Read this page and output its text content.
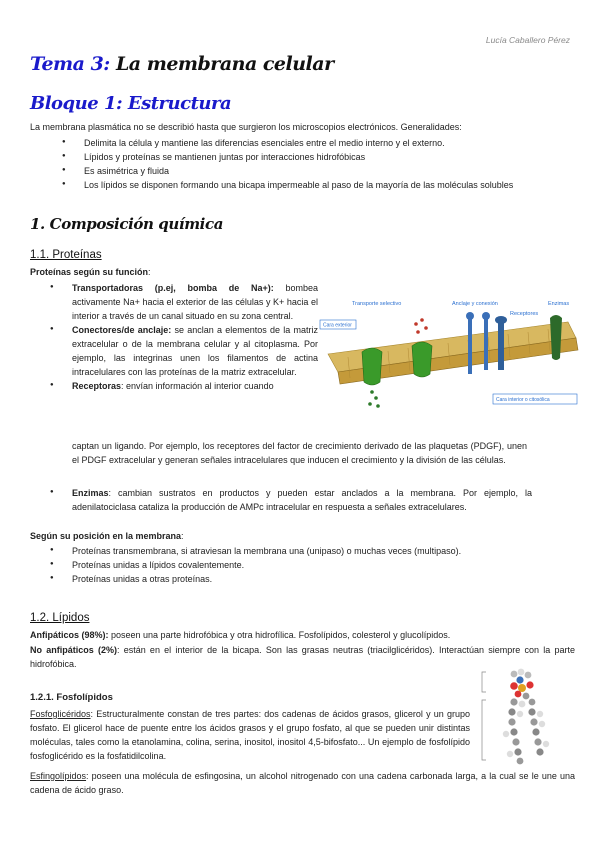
Lucía Caballero Pérez
Tema 3: La membrana celular
Bloque 1: Estructura
La membrana plasmática no se describió hasta que surgieron los microscopios electrónicos. Generalidades:
● Delimita la célula y mantiene las diferencias esenciales entre el medio interno y el externo.
● Lípidos y proteínas se mantienen juntas por interacciones hidrofóbicas
● Es asimétrica y fluida
● Los lípidos se disponen formando una bicapa impermeable al paso de la mayoría de las moléculas solubles
1. Composición química
1.1. Proteínas
Proteínas según su función:
● Transportadoras (p.ej, bomba de Na+): bombea activamente Na+ hacia el exterior de las células y K+ hacia el interior a través de un canal situado en su zona central.
● Conectores/de anclaje: se anclan a elementos de la matriz extracelular o de la membrana celular y al citoplasma. Por ejemplo, las integrinas unen los filamentos de actina intracelulares con las proteínas de la matriz extracelular.
● Receptoras: envían información al interior cuando
captan un ligando. Por ejemplo, los receptores del factor de crecimiento derivado de las plaquetas (PDGF), unen el PDGF extracelular y generan señales intracelulares que inducen el crecimiento y la división de las células.
● Enzimas: cambian sustratos en productos y pueden estar anclados a la membrana. Por ejemplo, la adenilatociclasa cataliza la producción de AMPc intracelular en respuesta a señales extracelulares.
Transporte selectivo	Anclaje y conexión	Enzimas
Receptores
Cara exterior
Cara interior o citosólica
Según su posición en la membrana:
● Proteínas transmembrana, si atraviesan la membrana una (unipaso) o muchas veces (multipaso).
● Proteínas unidas a lípidos covalentemente.
● Proteínas unidas a otras proteínas.
1.2. Lípidos
Anfipáticos (98%): poseen una parte hidrofóbica y otra hidrofílica. Fosfolípidos, colesterol y glucolípidos.
No anfipáticos (2%): están en el interior de la bicapa. Son las grasas neutras (triacilglicéridos). Interactúan siempre con la parte hidrofóbica.
1.2.1. Fosfolípidos
Fosfoglicéridos: Estructuralmente constan de tres partes: dos cadenas de ácidos grasos, glicerol y un grupo fosfato. El glicerol hace de puente entre los ácidos grasos y el grupo fosfato, al que se pueden unir distintas moléculas, tales como la etanolamina, colina, serina, inositol, inositol 4,5-bifosfato... Un ejemplo de fosfolípido fosfoglicérido es la fosfatidilcolina.
Esfingolípidos: poseen una molécula de esfingosina, un alcohol nitrogenado con una cadena carbonada larga, a la cual se le une una cadena de ácido graso.
